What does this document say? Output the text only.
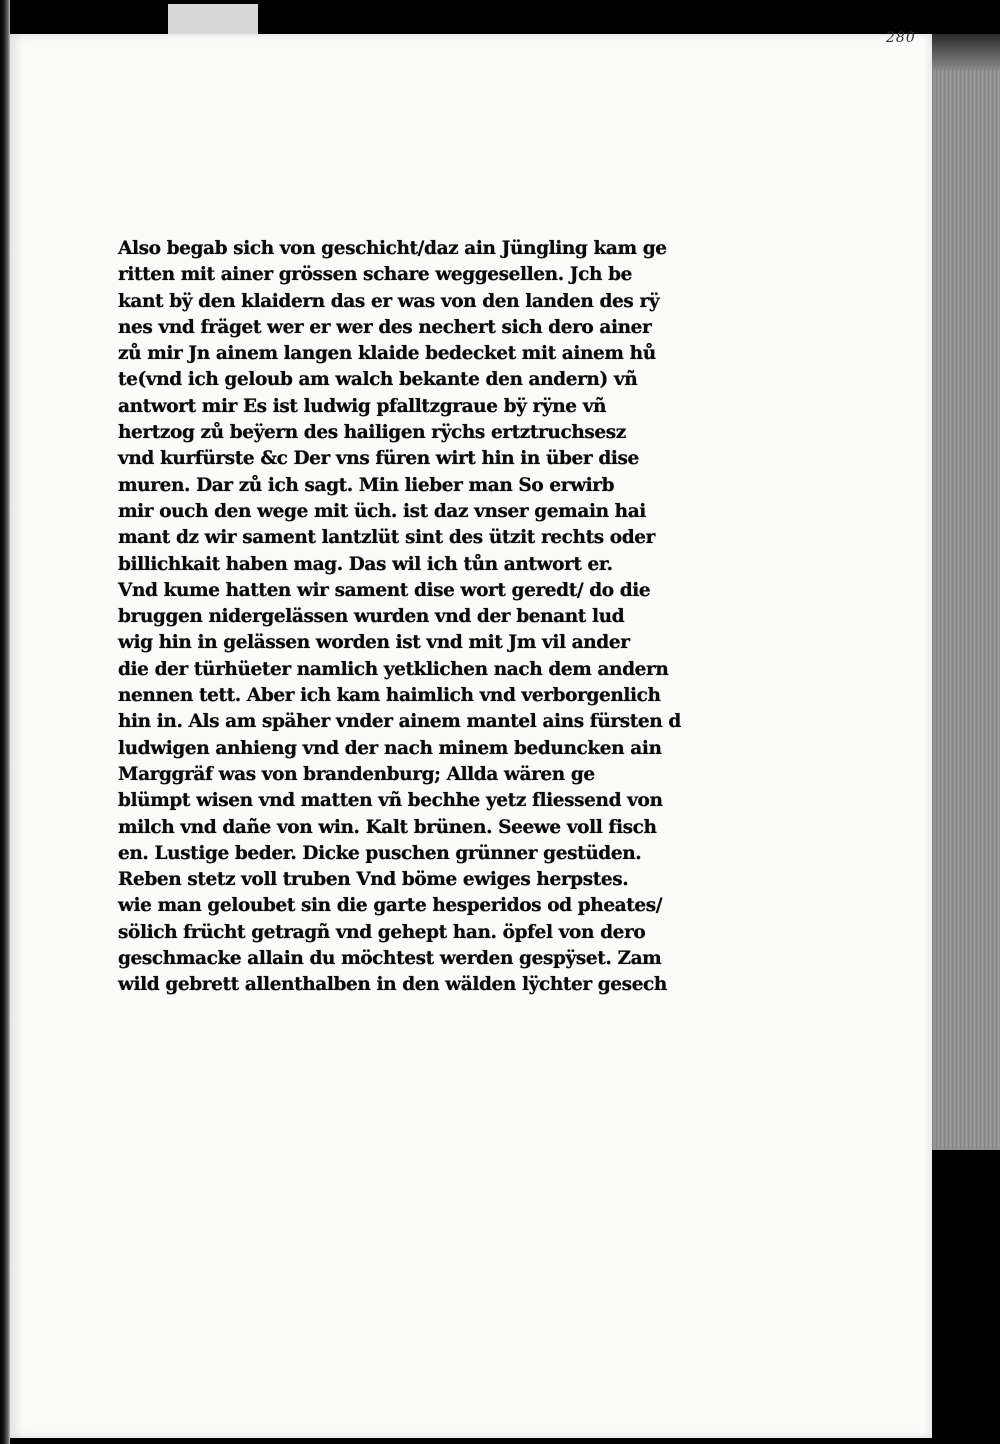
280
Also begab sich von geschicht/daz ain Jüngling kam ge
ritten mit ainer grössen schare weggesellen. Jch be
kant bÿ den klaidern das er was von den landen des rÿ
nes vnd fräget wer er wer des nechert sich dero ainer
zů mir Jn ainem langen klaide bedecket mit ainem hů
te(vnd ich geloub am walch bekante den andern) vñ
antwort mir Es ist ludwig pfalltzgraue bÿ rÿne vñ
hertzog zů beÿern des hailigen rÿchs ertztruchsesz
vnd kurfürste &c Der vns füren wirt hin in über dise
muren. Dar zů ich sagt. Min lieber man So erwirb
mir ouch den wege mit üch. ist daz vnser gemain hai
mant dz wir sament lantzlüt sint des ützit rechts oder
billichkait haben mag. Das wil ich tůn antwort er.
Vnd kume hatten wir sament dise wort geredt/ do die
bruggen nidergelässen wurden vnd der benant lud
wig hin in gelässen worden ist vnd mit Jm vil ander
die der türhüeter namlich yetklichen nach dem andern
nennen tett. Aber ich kam haimlich vnd verborgenlich
hin in. Als am späher vnder ainem mantel ains fürsten d
ludwigen anhieng vnd der nach minem beduncken ain
Marggräf was von brandenburg; Allda wären ge
blümpt wisen vnd matten vñ bechhe yetz fliessend von
milch vnd dañe von win. Kalt brünen. Seewe voll fisch
en. Lustige beder. Dicke puschen grünner gestüden.
Reben stetz voll truben Vnd böme ewiges herpstes.
wie man geloubet sin die garte hesperidos od pheates/
sölich frücht getragñ vnd gehept han. öpfel von dero
geschmacke allain du möchtest werden gespÿset. Zam
wild gebrett allenthalben in den wälden lÿchter gesech
